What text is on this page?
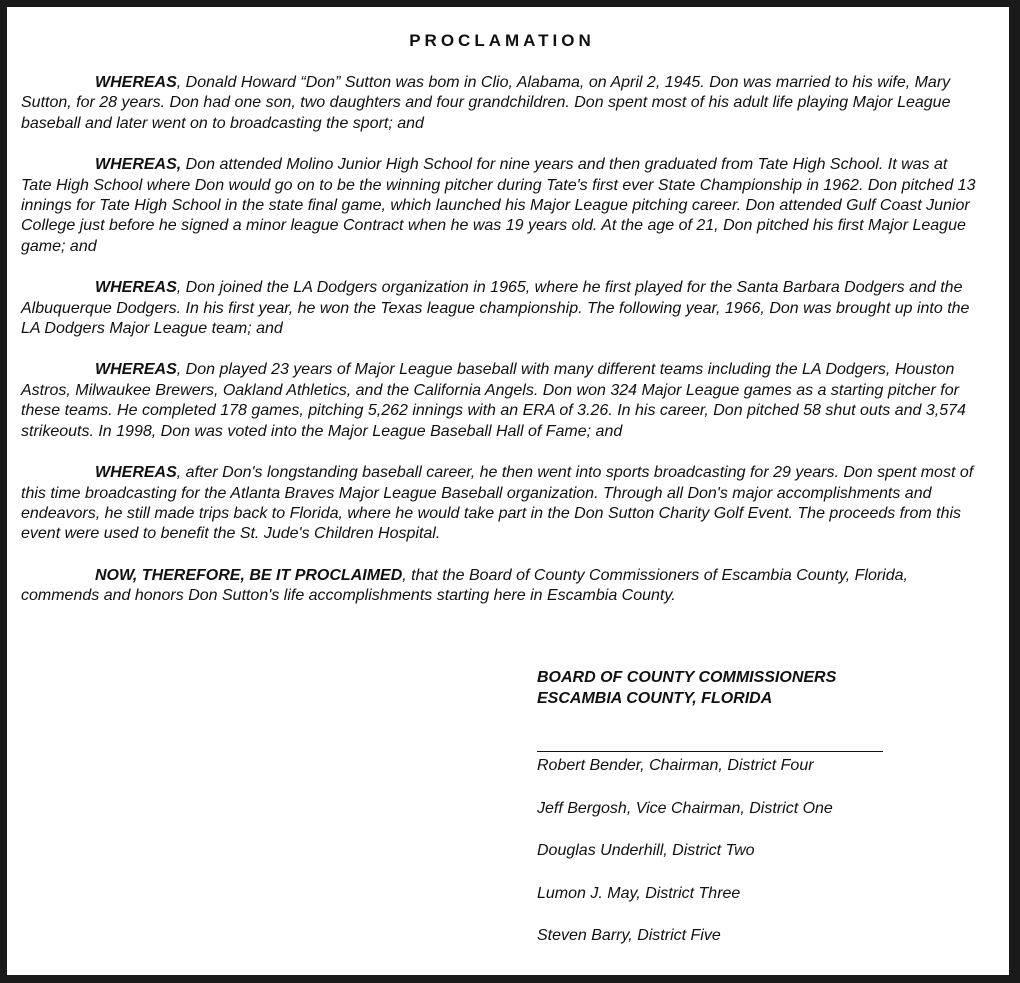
PROCLAMATION

WHEREAS, Donald Howard “Don” Sutton was bom in Clio, Alabama, on April 2, 1945. Don was married to his wife, Mary Sutton, for 28 years. Don had one son, two daughters and four grandchildren. Don spent most of his adult life playing Major League baseball and later went on to broadcasting the sport; and

WHEREAS, Don attended Molino Junior High School for nine years and then graduated from Tate High School. It was at Tate High School where Don would go on to be the winning pitcher during Tate's first ever State Championship in 1962. Don pitched 13 innings for Tate High School in the state final game, which launched his Major League pitching career. Don attended Gulf Coast Junior College just before he signed a minor league Contract when he was 19 years old. At the age of 21, Don pitched his first Major League game; and

WHEREAS, Don joined the LA Dodgers organization in 1965, where he first played for the Santa Barbara Dodgers and the Albuquerque Dodgers. In his first year, he won the Texas league championship. The following year, 1966, Don was brought up into the LA Dodgers Major League team; and

WHEREAS, Don played 23 years of Major League baseball with many different teams including the LA Dodgers, Houston Astros, Milwaukee Brewers, Oakland Athletics, and the California Angels. Don won 324 Major League games as a starting pitcher for these teams. He completed 178 games, pitching 5,262 innings with an ERA of 3.26. In his career, Don pitched 58 shut outs and 3,574 strikeouts. In 1998, Don was voted into the Major League Baseball Hall of Fame; and

WHEREAS, after Don's longstanding baseball career, he then went into sports broadcasting for 29 years. Don spent most of this time broadcasting for the Atlanta Braves Major League Baseball organization. Through all Don's major accomplishments and endeavors, he still made trips back to Florida, where he would take part in the Don Sutton Charity Golf Event. The proceeds from this event were used to benefit the St. Jude's Children Hospital.

NOW, THEREFORE, BE IT PROCLAIMED, that the Board of County Commissioners of Escambia County, Florida, commends and honors Don Sutton's life accomplishments starting here in Escambia County.

BOARD OF COUNTY COMMISSIONERS
ESCAMBIA COUNTY, FLORIDA
Robert Bender, Chairman, District Four
Jeff Bergosh, Vice Chairman, District One
Douglas Underhill, District Two
Lumon J. May, District Three
Steven Barry, District Five
